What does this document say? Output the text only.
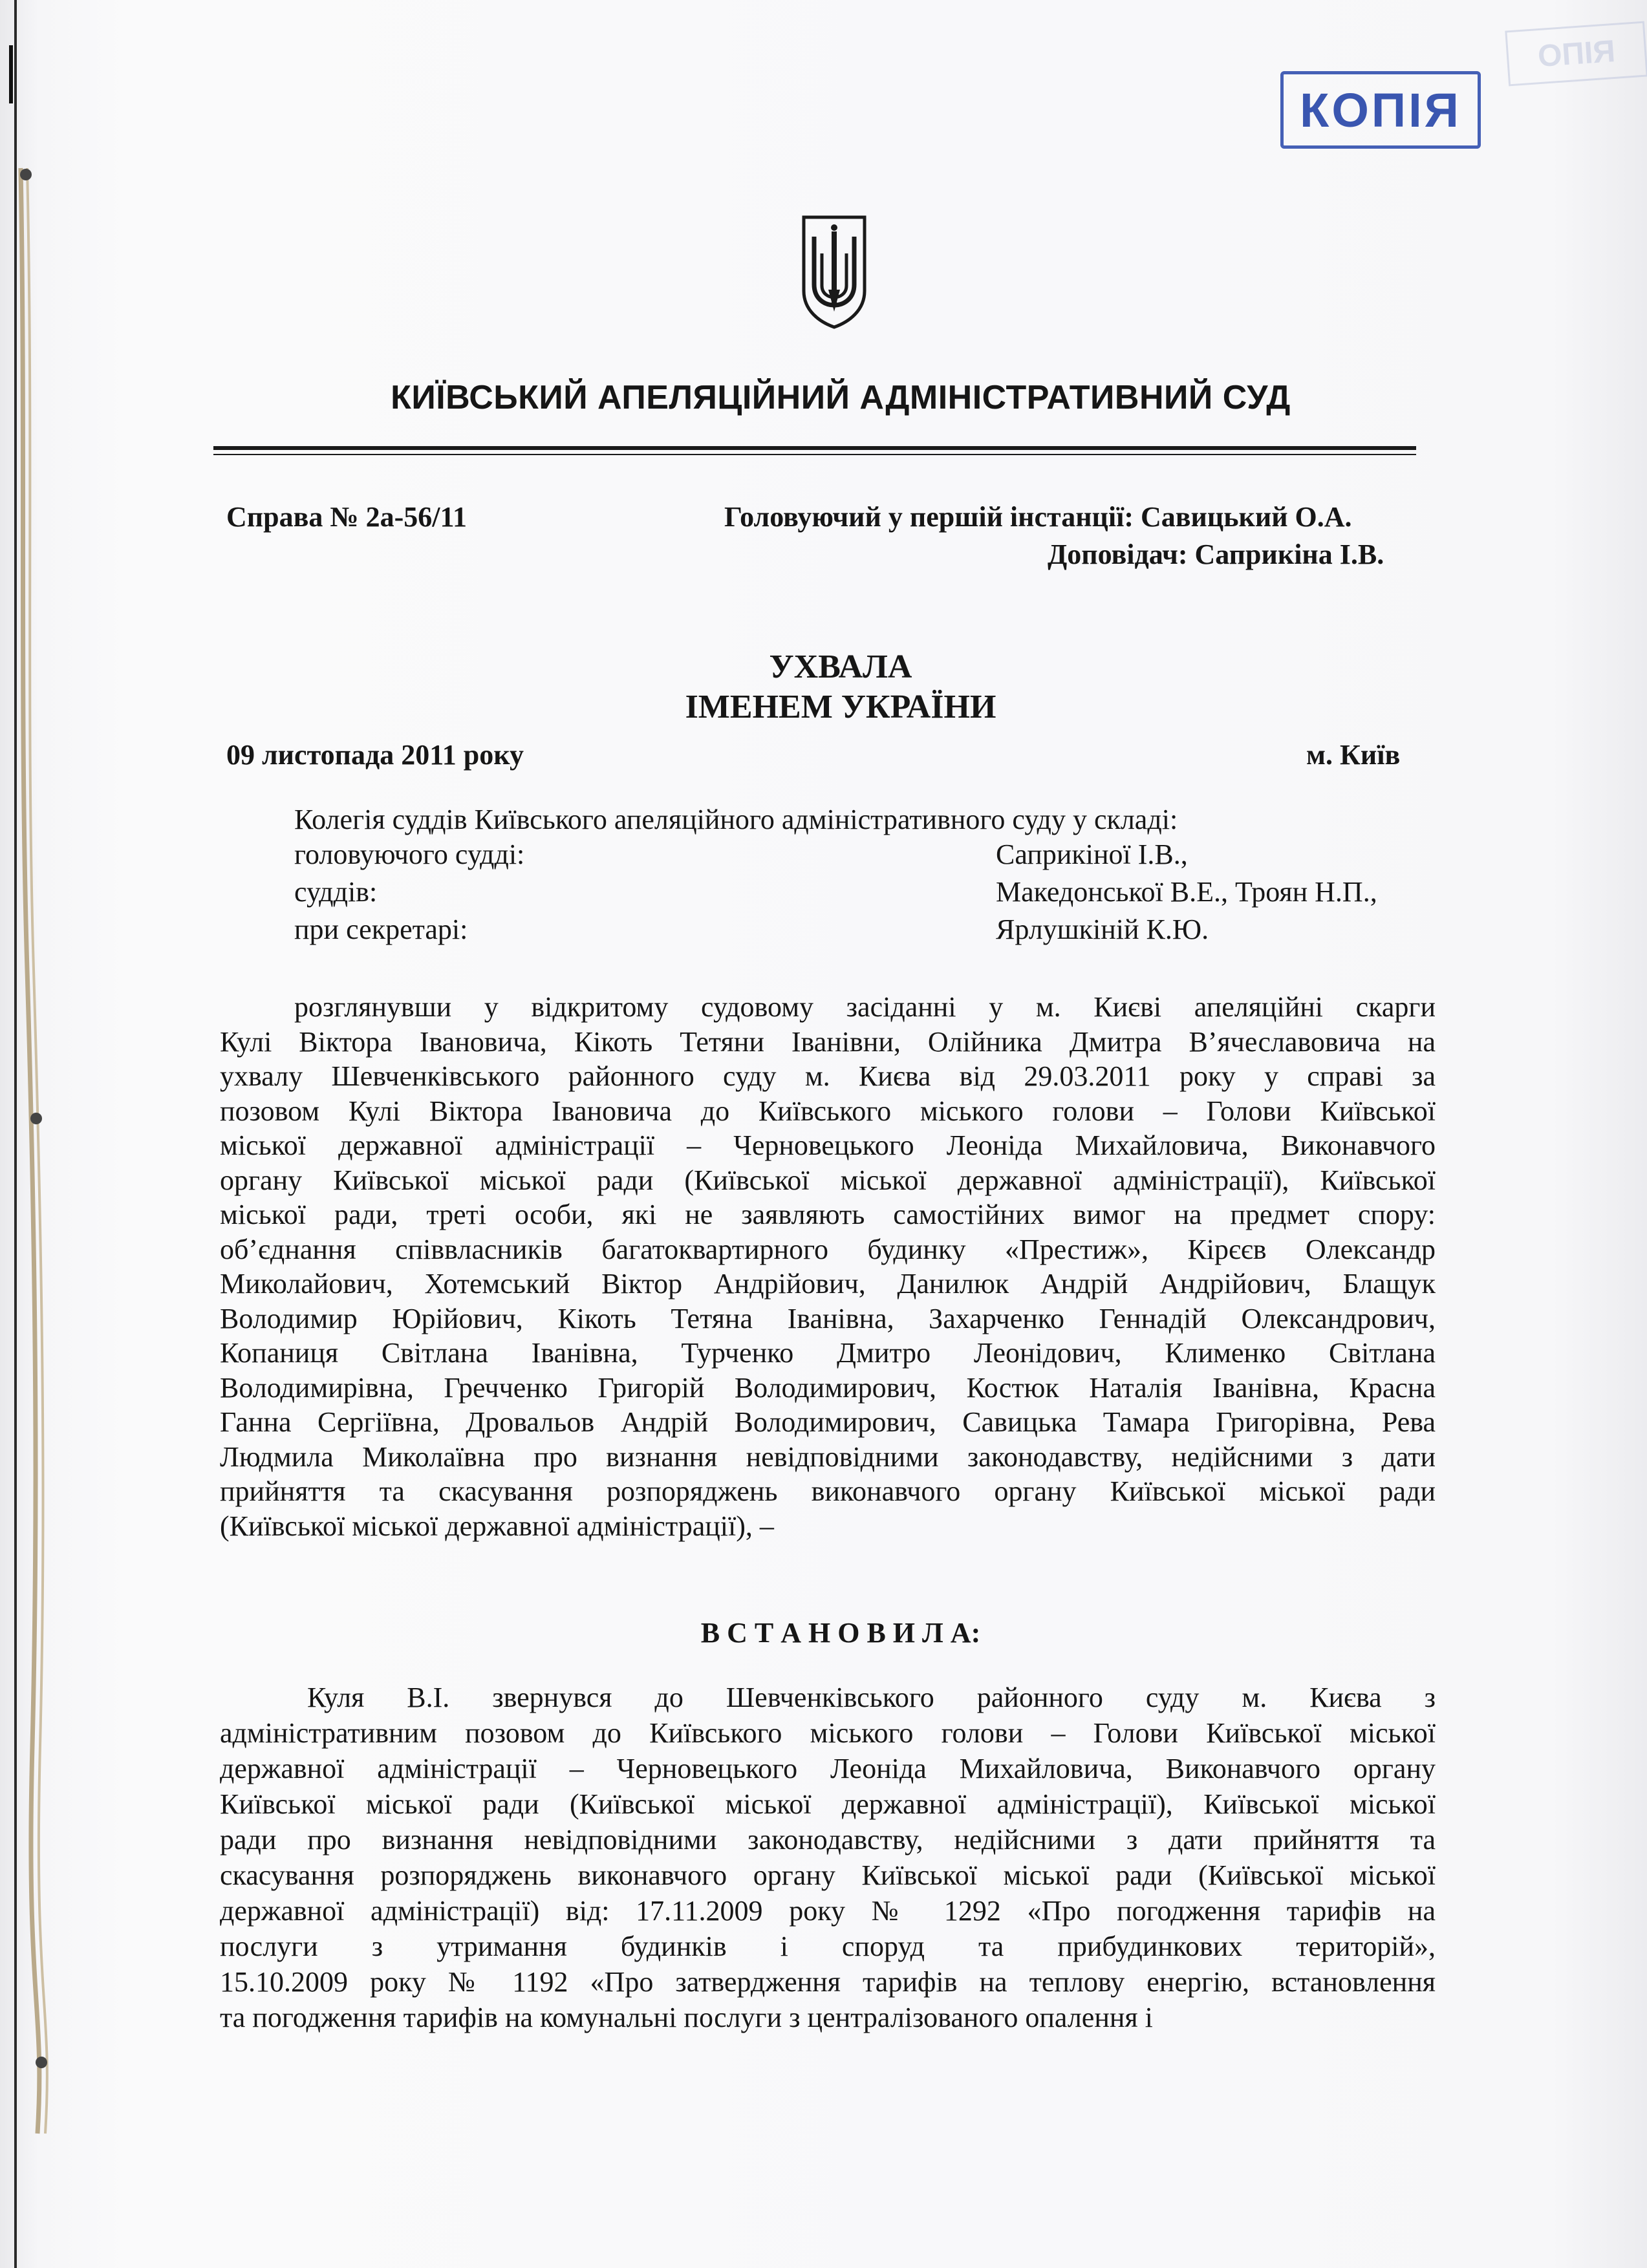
ОПІЯ
КОПІЯ
КИЇВСЬКИЙ АПЕЛЯЦІЙНИЙ АДМІНІСТРАТИВНИЙ СУД
Справа № 2а-56/11	Головуючий у першій інстанції: Савицький О.А.
Доповідач: Саприкіна І.В.
УХВАЛА
ІМЕНЕМ УКРАЇНИ
09 листопада 2011 року	м. Київ
Колегія суддів Київського апеляційного адміністративного суду у складі:
головуючого судді:	Саприкіної І.В.,
суддів:	Македонської В.Е., Троян Н.П.,
при секретарі:	Ярлушкіній К.Ю.
розглянувши у відкритому судовому засіданні у м. Києві апеляційні скарги
Кулі Віктора Івановича, Кікоть Тетяни Іванівни, Олійника Дмитра В’ячеславовича на
ухвалу Шевченківського районного суду м. Києва від 29.03.2011 року у справі за
позовом Кулі Віктора Івановича до Київського міського голови – Голови Київської
міської державної адміністрації – Черновецького Леоніда Михайловича, Виконавчого
органу Київської міської ради (Київської міської державної адміністрації), Київської
міської ради, треті особи, які не заявляють самостійних вимог на предмет спору:
об’єднання співвласників багатоквартирного будинку «Престиж», Кірєєв Олександр
Миколайович, Хотемський Віктор Андрійович, Данилюк Андрій Андрійович, Блащук
Володимир Юрійович, Кікоть Тетяна Іванівна, Захарченко Геннадій Олександрович,
Копаниця Світлана Іванівна, Турченко Дмитро Леонідович, Клименко Світлана
Володимирівна, Гречченко Григорій Володимирович, Костюк Наталія Іванівна, Красна
Ганна Сергіївна, Дровальов Андрій Володимирович, Савицька Тамара Григорівна, Рева
Людмила Миколаївна про визнання невідповідними законодавству, недійсними з дати
прийняття та скасування розпоряджень виконавчого органу Київської міської ради
(Київської міської державної адміністрації), –
В С Т А Н О В И Л А:
Куля В.І. звернувся до Шевченківського районного суду м. Києва з
адміністративним позовом до Київського міського голови – Голови Київської міської
державної адміністрації – Черновецького Леоніда Михайловича, Виконавчого органу
Київської міської ради (Київської міської державної адміністрації), Київської міської
ради про визнання невідповідними законодавству, недійсними з дати прийняття та
скасування розпоряджень виконавчого органу Київської міської ради (Київської міської
державної адміністрації) від: 17.11.2009 року № 1292 «Про погодження тарифів на
послуги з утримання будинків і споруд та прибудинкових територій»,
15.10.2009 року № 1192 «Про затвердження тарифів на теплову енергію, встановлення
та погодження тарифів на комунальні послуги з централізованого опалення і
